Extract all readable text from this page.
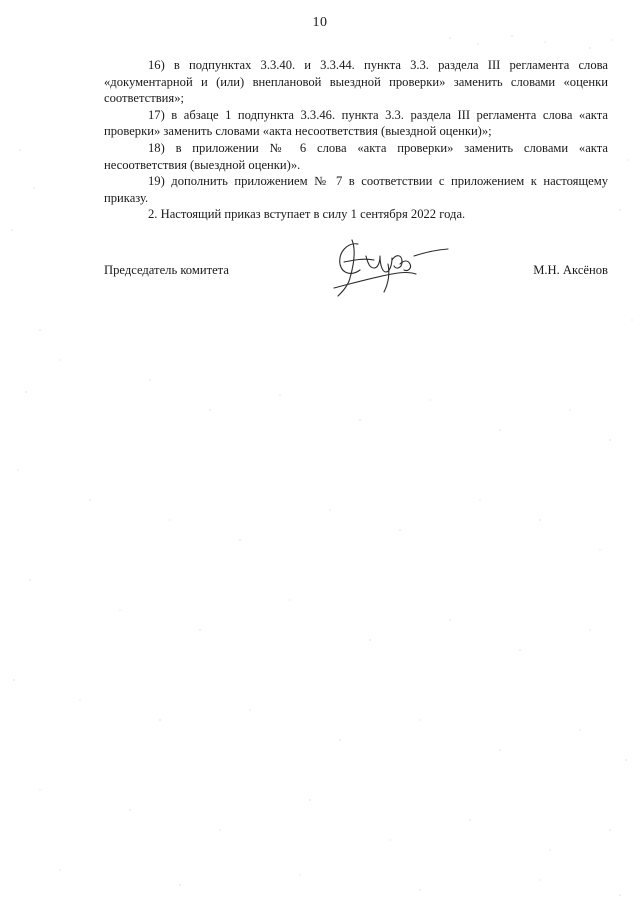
10

16) в подпунктах 3.3.40. и 3.3.44. пункта 3.3. раздела III регламента слова «документарной и (или) внеплановой выездной проверки» заменить словами «оценки соответствия»;

17) в абзаце 1 подпункта 3.3.46. пункта 3.3. раздела III регламента слова «акта проверки» заменить словами «акта несоответствия (выездной оценки)»;

18) в приложении № 6 слова «акта проверки» заменить словами «акта несоответствия (выездной оценки)».

19) дополнить приложением № 7 в соответствии с приложением к настоящему приказу.

2. Настоящий приказ вступает в силу 1 сентября 2022 года.

Председатель комитета	М.Н. Аксёнов
